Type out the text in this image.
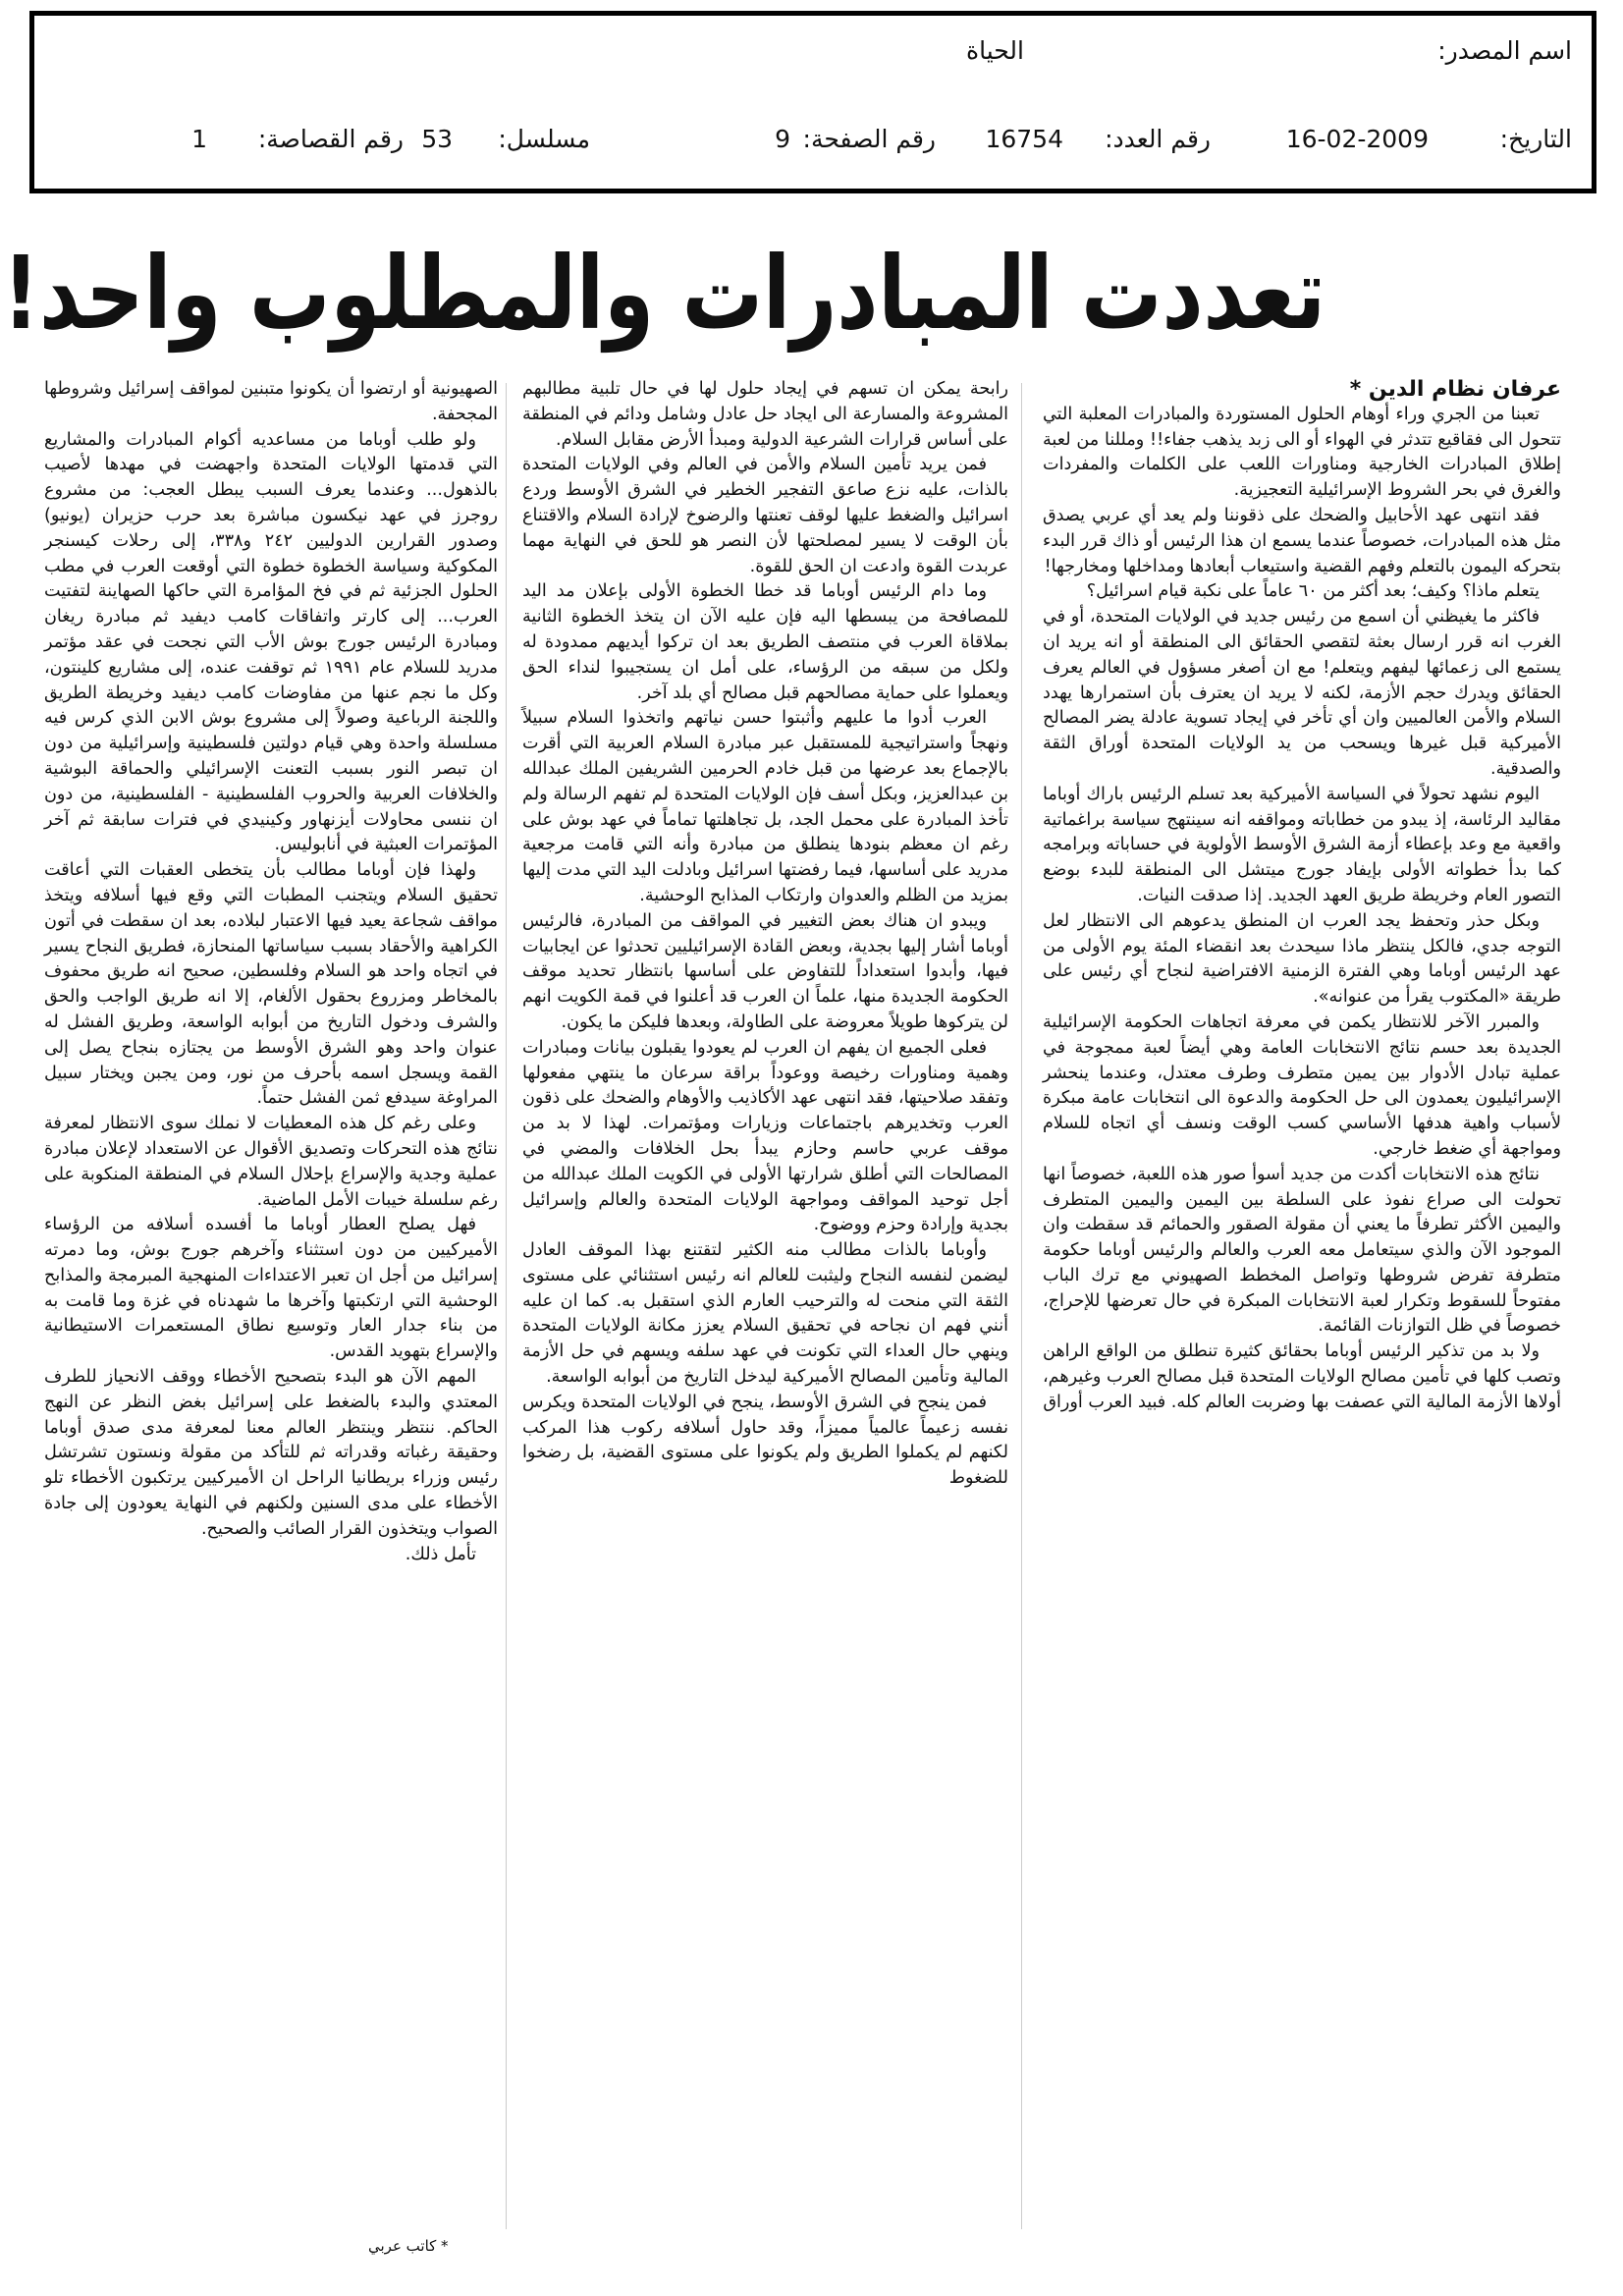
اسم المصدر:
الحياة
التاريخ:
16-02-2009
رقم العدد:
16754
رقم الصفحة:
9
مسلسل:
53
رقم القصاصة:
1
تعددت المبادرات والمطلوب واحد!

عرفان نظام الدين *

تعبنا من الجري وراء أوهام الحلول المستوردة والمبادرات المعلبة التي تتحول الى فقاقيع تتدثر في الهواء أو الى زبد يذهب جفاء!! ومللنا من لعبة إطلاق المبادرات الخارجية ومناورات اللعب على الكلمات والمفردات والغرق في بحر الشروط الإسرائيلية التعجيزية.

فقد انتهى عهد الأحابيل والضحك على ذقوننا ولم يعد أي عربي يصدق مثل هذه المبادرات، خصوصاً عندما يسمع ان هذا الرئيس أو ذاك قرر البدء بتحركه اليمون بالتعلم وفهم القضية واستيعاب أبعادها ومداخلها ومخارجها!

يتعلم ماذا؟ وكيف؛ بعد أكثر من ٦٠ عاماً على نكبة قيام اسرائيل؟

فاكثر ما يغيظني أن اسمع من رئيس جديد في الولايات المتحدة، أو في الغرب انه قرر ارسال بعثة لتقصي الحقائق الى المنطقة أو انه يريد ان يستمع الى زعمائها ليفهم ويتعلم! مع ان أصغر مسؤول في العالم يعرف الحقائق ويدرك حجم الأزمة، لكنه لا يريد ان يعترف بأن استمرارها يهدد السلام والأمن العالميين وان أي تأخر في إيجاد تسوية عادلة يضر المصالح الأميركية قبل غيرها ويسحب من يد الولايات المتحدة أوراق الثقة والصدقية.

اليوم نشهد تحولاً في السياسة الأميركية بعد تسلم الرئيس باراك أوباما مقاليد الرئاسة، إذ يبدو من خطاباته ومواقفه انه سينتهج سياسة براغماتية واقعية مع وعد بإعطاء أزمة الشرق الأوسط الأولوية في حساباته وبرامجه كما بدأ خطواته الأولى بإيفاد جورج ميتشل الى المنطقة للبدء بوضع التصور العام وخريطة طريق العهد الجديد. إذا صدقت النيات.

وبكل حذر وتحفظ يجد العرب ان المنطق يدعوهم الى الانتظار لعل التوجه جدي، فالكل ينتظر ماذا سيحدث بعد انقضاء المئة يوم الأولى من عهد الرئيس أوباما وهي الفترة الزمنية الافتراضية لنجاح أي رئيس على طريقة «المكتوب يقرأ من عنوانه».

والمبرر الآخر للانتظار يكمن في معرفة اتجاهات الحكومة الإسرائيلية الجديدة بعد حسم نتائج الانتخابات العامة وهي أيضاً لعبة ممجوجة في عملية تبادل الأدوار بين يمين متطرف وطرف معتدل، وعندما ينحشر الإسرائيليون يعمدون الى حل الحكومة والدعوة الى انتخابات عامة مبكرة لأسباب واهية هدفها الأساسي كسب الوقت ونسف أي اتجاه للسلام ومواجهة أي ضغط خارجي.

نتائج هذه الانتخابات أكدت من جديد أسوأ صور هذه اللعبة، خصوصاً انها تحولت الى صراع نفوذ على السلطة بين اليمين واليمين المتطرف واليمين الأكثر تطرفاً ما يعني أن مقولة الصقور والحمائم قد سقطت وان الموجود الآن والذي سيتعامل معه العرب والعالم والرئيس أوباما حكومة متطرفة تفرض شروطها وتواصل المخطط الصهيوني مع ترك الباب مفتوحاً للسقوط وتكرار لعبة الانتخابات المبكرة في حال تعرضها للإحراج، خصوصاً في ظل التوازنات القائمة.

ولا بد من تذكير الرئيس أوباما بحقائق كثيرة تنطلق من الواقع الراهن وتصب كلها في تأمين مصالح الولايات المتحدة قبل مصالح العرب وغيرهم، أولاها الأزمة المالية التي عصفت بها وضربت العالم كله. فبيد العرب أوراق

رابحة يمكن ان تسهم في إيجاد حلول لها في حال تلبية مطالبهم المشروعة والمسارعة الى ايجاد حل عادل وشامل ودائم في المنطقة على أساس قرارات الشرعية الدولية ومبدأ الأرض مقابل السلام.

فمن يريد تأمين السلام والأمن في العالم وفي الولايات المتحدة بالذات، عليه نزع صاعق التفجير الخطير في الشرق الأوسط وردع اسرائيل والضغط عليها لوقف تعنتها والرضوخ لإرادة السلام والاقتناع بأن الوقت لا يسير لمصلحتها لأن النصر هو للحق في النهاية مهما عربدت القوة وادعت ان الحق للقوة.

وما دام الرئيس أوباما قد خطا الخطوة الأولى بإعلان مد اليد للمصافحة من يبسطها اليه فإن عليه الآن ان يتخذ الخطوة الثانية بملاقاة العرب في منتصف الطريق بعد ان تركوا أيديهم ممدودة له ولكل من سبقه من الرؤساء، على أمل ان يستجيبوا لنداء الحق ويعملوا على حماية مصالحهم قبل مصالح أي بلد آخر.

العرب أدوا ما عليهم وأثبتوا حسن نياتهم واتخذوا السلام سبيلاً ونهجاً واستراتيجية للمستقبل عبر مبادرة السلام العربية التي أقرت بالإجماع بعد عرضها من قبل خادم الحرمين الشريفين الملك عبدالله بن عبدالعزيز، وبكل أسف فإن الولايات المتحدة لم تفهم الرسالة ولم تأخذ المبادرة على محمل الجد، بل تجاهلتها تماماً في عهد بوش على رغم ان معظم بنودها ينطلق من مبادرة وأنه التي قامت مرجعية مدريد على أساسها، فيما رفضتها اسرائيل وبادلت اليد التي مدت إليها بمزيد من الظلم والعدوان وارتكاب المذابح الوحشية.

ويبدو ان هناك بعض التغيير في المواقف من المبادرة، فالرئيس أوباما أشار إليها بجدية، وبعض القادة الإسرائيليين تحدثوا عن ايجابيات فيها، وأبدوا استعداداً للتفاوض على أساسها بانتظار تحديد موقف الحكومة الجديدة منها، علماً ان العرب قد أعلنوا في قمة الكويت انهم لن يتركوها طويلاً معروضة على الطاولة، وبعدها فليكن ما يكون.

فعلى الجميع ان يفهم ان العرب لم يعودوا يقبلون بيانات ومبادرات وهمية ومناورات رخيصة ووعوداً براقة سرعان ما ينتهي مفعولها وتفقد صلاحيتها، فقد انتهى عهد الأكاذيب والأوهام والضحك على ذقون العرب وتخديرهم باجتماعات وزيارات ومؤتمرات. لهذا لا بد من موقف عربي حاسم وحازم يبدأ بحل الخلافات والمضي في المصالحات التي أطلق شرارتها الأولى في الكويت الملك عبدالله من أجل توحيد المواقف ومواجهة الولايات المتحدة والعالم وإسرائيل بجدية وإرادة وحزم ووضوح.

وأوباما بالذات مطالب منه الكثير لتقتنع بهذا الموقف العادل ليضمن لنفسه النجاح وليثبت للعالم انه رئيس استثنائي على مستوى الثقة التي منحت له والترحيب العارم الذي استقبل به. كما ان عليه أنني فهم ان نجاحه في تحقيق السلام يعزز مكانة الولايات المتحدة وينهي حال العداء التي تكونت في عهد سلفه ويسهم في حل الأزمة المالية وتأمين المصالح الأميركية ليدخل التاريخ من أبوابه الواسعة.

فمن ينجح في الشرق الأوسط، ينجح في الولايات المتحدة ويكرس نفسه زعيماً عالمياً مميزاً، وقد حاول أسلافه ركوب هذا المركب لكنهم لم يكملوا الطريق ولم يكونوا على مستوى القضية، بل رضخوا للضغوط

الصهيونية أو ارتضوا أن يكونوا متبنين لمواقف إسرائيل وشروطها المجحفة.

ولو طلب أوباما من مساعديه أكوام المبادرات والمشاريع التي قدمتها الولايات المتحدة واجهضت في مهدها لأصيب بالذهول... وعندما يعرف السبب يبطل العجب: من مشروع روجرز في عهد نيكسون مباشرة بعد حرب حزيران (يونيو) وصدور القرارين الدوليين ٢٤٢ و٣٣٨، إلى رحلات كيسنجر المكوكية وسياسة الخطوة خطوة التي أوقعت العرب في مطب الحلول الجزئية ثم في فخ المؤامرة التي حاكها الصهاينة لتفتيت العرب... إلى كارتر واتفاقات كامب ديفيد ثم مبادرة ريغان ومبادرة الرئيس جورج بوش الأب التي نجحت في عقد مؤتمر مدريد للسلام عام ١٩٩١ ثم توقفت عنده، إلى مشاريع كلينتون، وكل ما نجم عنها من مفاوضات كامب ديفيد وخريطة الطريق واللجنة الرباعية وصولاً إلى مشروع بوش الابن الذي كرس فيه مسلسلة واحدة وهي قيام دولتين فلسطينية وإسرائيلية من دون ان تبصر النور بسبب التعنت الإسرائيلي والحماقة البوشية والخلافات العربية والحروب الفلسطينية - الفلسطينية، من دون ان ننسى محاولات أيزنهاور وكينيدي في فترات سابقة ثم آخر المؤتمرات العبثية في أنابوليس.

ولهذا فإن أوباما مطالب بأن يتخطى العقبات التي أعاقت تحقيق السلام ويتجنب المطبات التي وقع فيها أسلافه ويتخذ مواقف شجاعة يعيد فيها الاعتبار لبلاده، بعد ان سقطت في أتون الكراهية والأحقاد بسبب سياساتها المنحازة، فطريق النجاح يسير في اتجاه واحد هو السلام وفلسطين، صحيح انه طريق محفوف بالمخاطر ومزروع بحقول الألغام، إلا انه طريق الواجب والحق والشرف ودخول التاريخ من أبوابه الواسعة، وطريق الفشل له عنوان واحد وهو الشرق الأوسط من يجتازه بنجاح يصل إلى القمة ويسجل اسمه بأحرف من نور، ومن يجبن ويختار سبيل المراوغة سيدفع ثمن الفشل حتماً.

وعلى رغم كل هذه المعطيات لا نملك سوى الانتظار لمعرفة نتائج هذه التحركات وتصديق الأقوال عن الاستعداد لإعلان مبادرة عملية وجدية والإسراع بإحلال السلام في المنطقة المنكوبة على رغم سلسلة خيبات الأمل الماضية.

فهل يصلح العطار أوباما ما أفسده أسلافه من الرؤساء الأميركيين من دون استثناء وآخرهم جورج بوش، وما دمرته إسرائيل من أجل ان تعبر الاعتداءات المنهجية المبرمجة والمذابح الوحشية التي ارتكبتها وآخرها ما شهدناه في غزة وما قامت به من بناء جدار العار وتوسيع نطاق المستعمرات الاستيطانية والإسراع بتهويد القدس.

المهم الآن هو البدء بتصحيح الأخطاء ووقف الانحياز للطرف المعتدي والبدء بالضغط على إسرائيل بغض النظر عن النهج الحاكم. ننتظر وينتظر العالم معنا لمعرفة مدى صدق أوباما وحقيقة رغباته وقدراته ثم للتأكد من مقولة ونستون تشرتشل رئيس وزراء بريطانيا الراحل ان الأميركيين يرتكبون الأخطاء تلو الأخطاء على مدى السنين ولكنهم في النهاية يعودون إلى جادة الصواب ويتخذون القرار الصائب والصحيح.

تأمل ذلك.

* كاتب عربي
